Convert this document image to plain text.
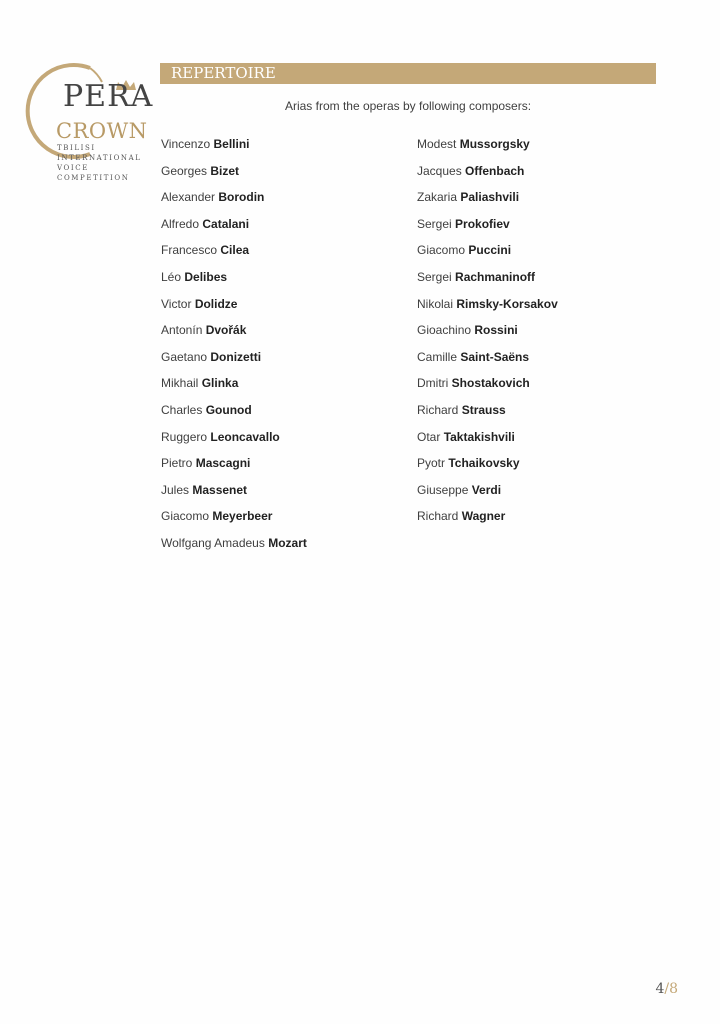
PERA
CROWN
TBILISI
INTERNATIONAL
VOICE
COMPETITION
REPERTOIRE
Arias from the operas by following composers:
Vincenzo Bellini
Georges Bizet
Alexander Borodin
Alfredo Catalani
Francesco Cilea
Léo Delibes
Victor Dolidze
Antonín Dvořák
Gaetano Donizetti
Mikhail Glinka
Charles Gounod
Ruggero Leoncavallo
Pietro Mascagni
Jules Massenet
Giacomo Meyerbeer
Wolfgang Amadeus Mozart
Modest Mussorgsky
Jacques Offenbach
Zakaria Paliashvili
Sergei Prokofiev
Giacomo Puccini
Sergei Rachmaninoff
Nikolai Rimsky-Korsakov
Gioachino Rossini
Camille Saint-Saëns
Dmitri Shostakovich
Richard Strauss
Otar Taktakishvili
Pyotr Tchaikovsky
Giuseppe Verdi
Richard Wagner
4/8
